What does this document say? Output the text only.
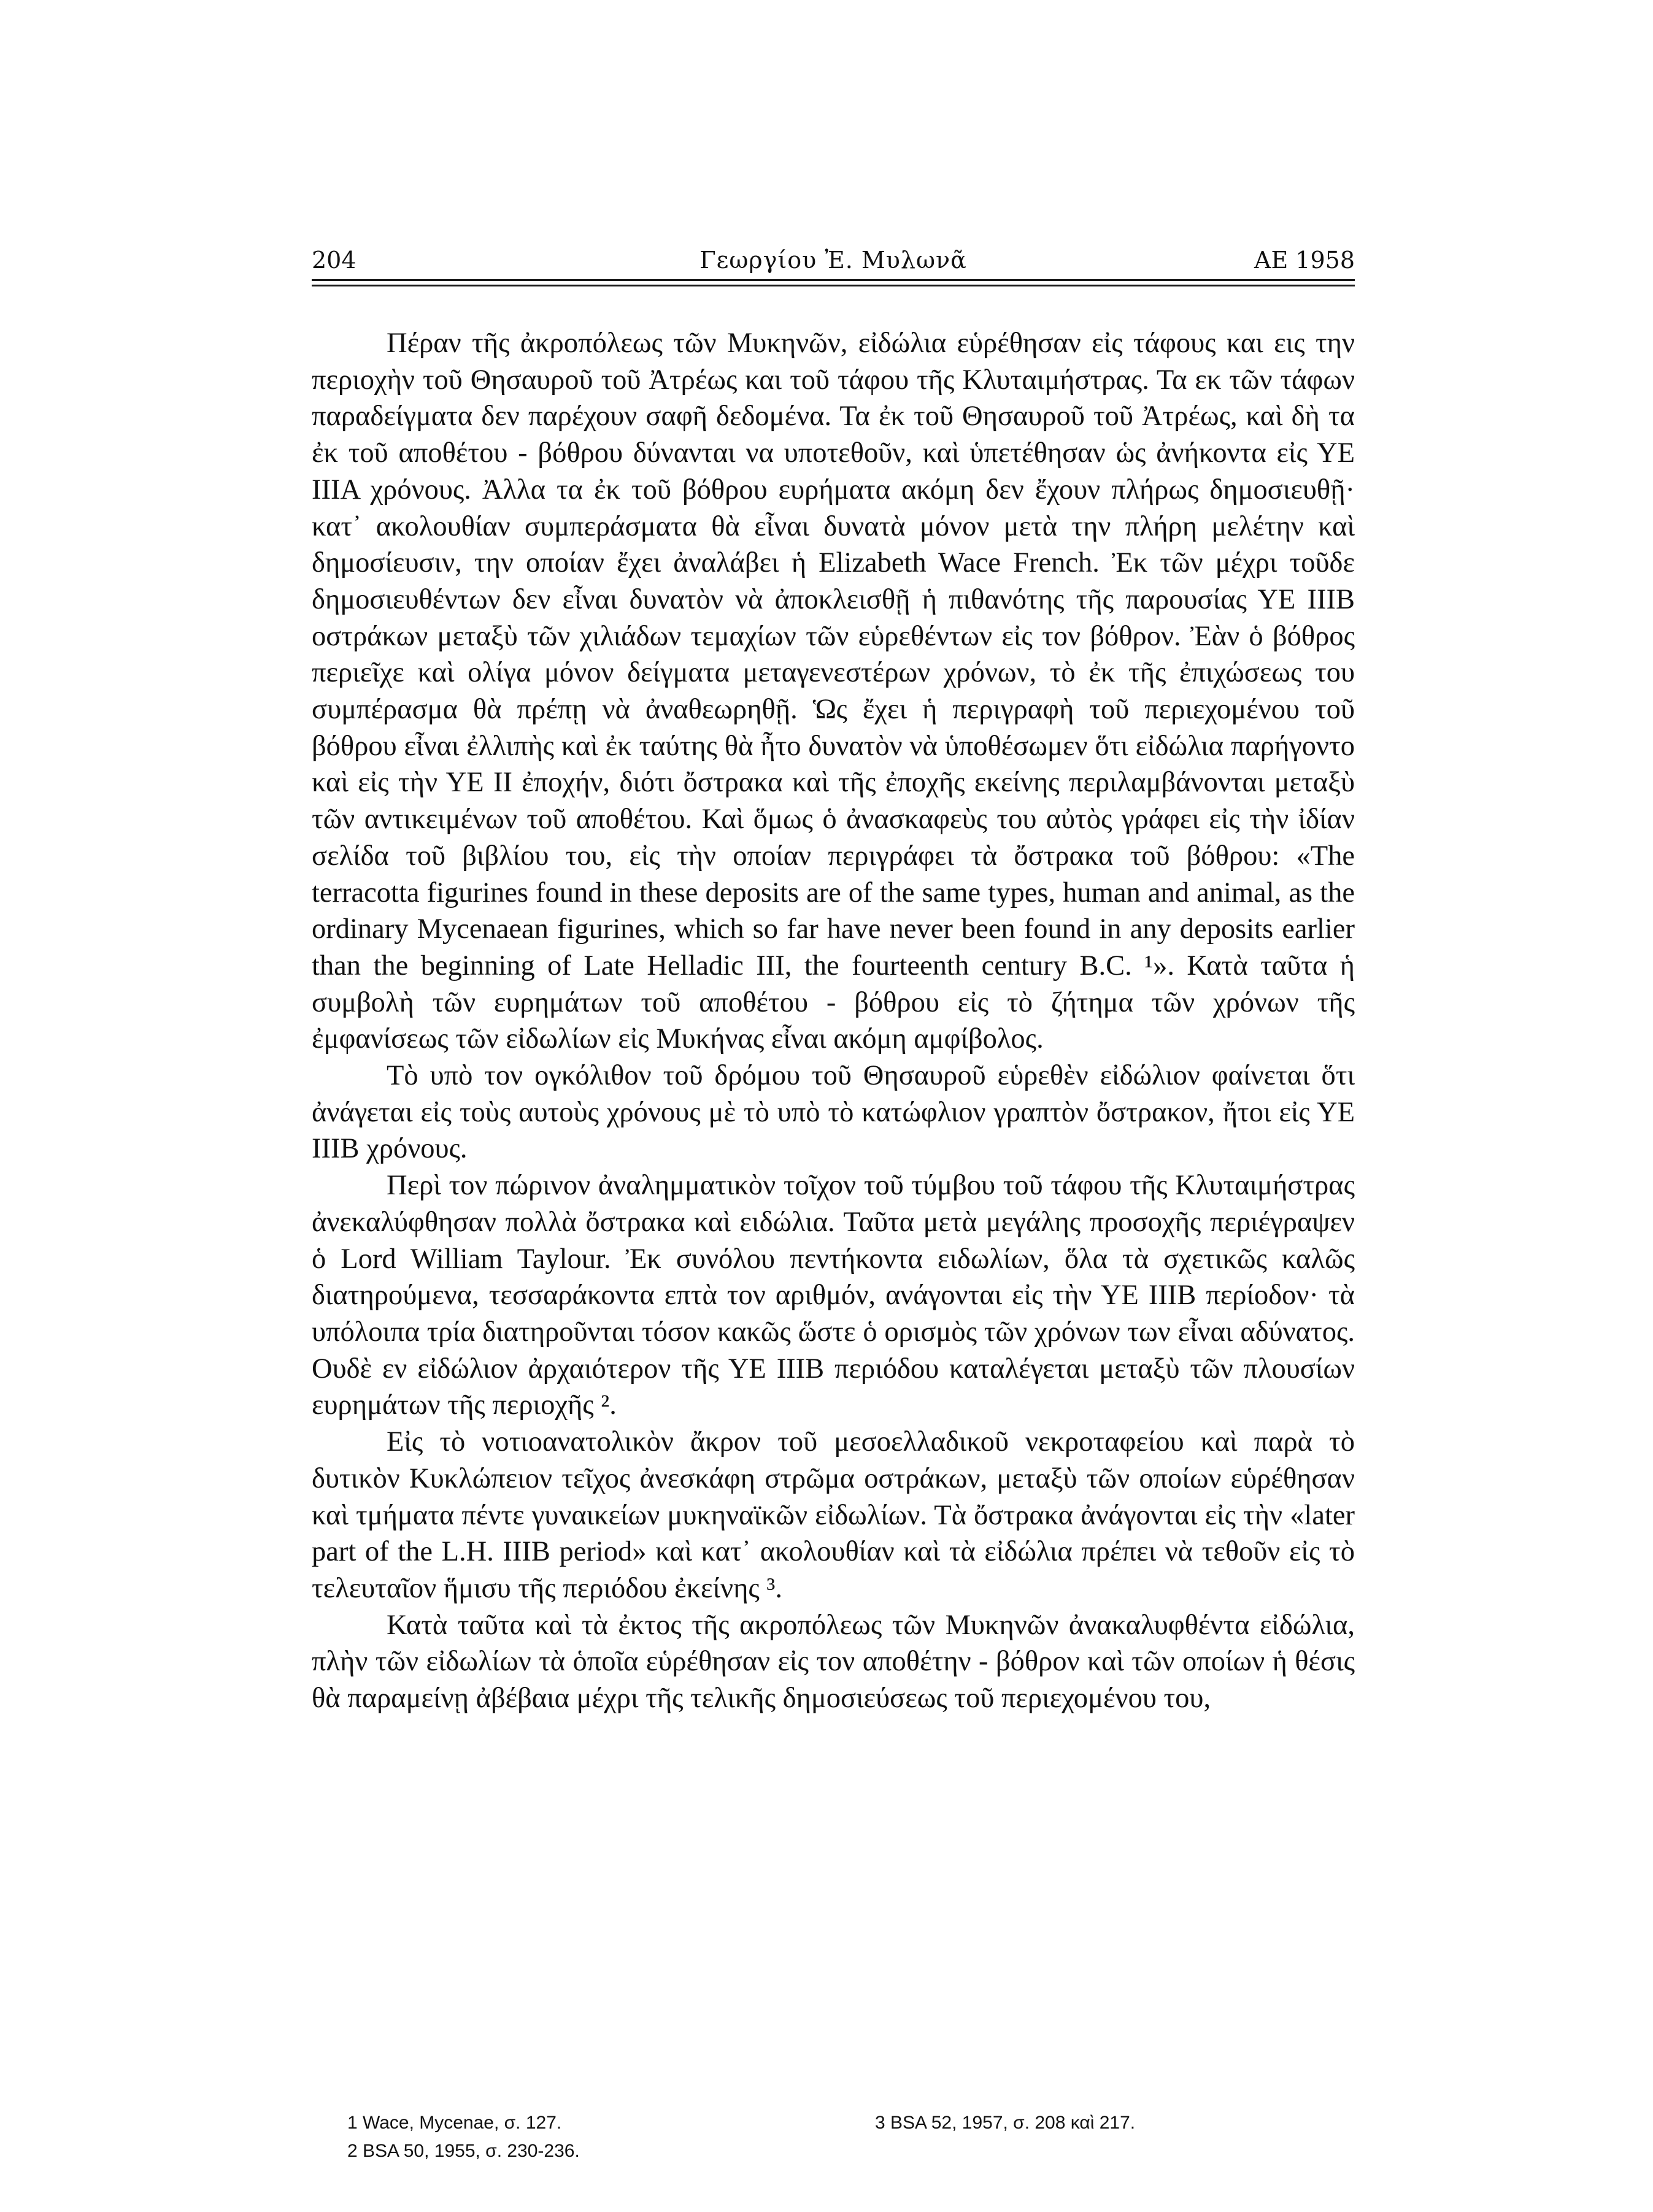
204	Γεωργίου Ἐ. Μυλωνᾶ	ΑΕ 1958

Πέραν τῆς ἀκροπόλεως τῶν Μυκηνῶν, εἰδώλια εὑρέθησαν εἰς τάφους και εις την περιοχὴν τοῦ Θησαυροῦ τοῦ Ἀτρέως και τοῦ τάφου τῆς Κλυταιμήστρας. Τα εκ τῶν τάφων παραδείγματα δεν παρέχουν σαφῆ δεδομένα. Τα ἐκ τοῦ Θησαυροῦ τοῦ Ἀτρέως, καὶ δὴ τα ἐκ τοῦ αποθέτου - βόθρου δύνανται να υποτεθοῦν, καὶ ὑπετέθησαν ὡς ἀνήκοντα εἰς ΥΕ ΙΙΙΑ χρόνους. Ἀλλα τα ἐκ τοῦ βόθρου ευρήματα ακόμη δεν ἔχουν πλήρως δημοσιευθῇ· κατ᾽ ακολουθίαν συμπεράσματα θὰ εἶναι δυνατὰ μόνον μετὰ την πλήρη μελέτην καὶ δημοσίευσιν, την οποίαν ἔχει ἀναλάβει ἡ Elizabeth Wace French. Ἐκ τῶν μέχρι τοῦδε δημοσιευθέντων δεν εἶναι δυνατὸν νὰ ἀποκλεισθῇ ἡ πιθανότης τῆς παρουσίας ΥΕ ΙΙΙΒ οστράκων μεταξὺ τῶν χιλιάδων τεμαχίων τῶν εὑρεθέντων εἰς τον βόθρον. Ἐὰν ὁ βόθρος περιεῖχε καὶ ολίγα μόνον δείγματα μεταγενεστέρων χρόνων, τὸ ἐκ τῆς ἐπιχώσεως του συμπέρασμα θὰ πρέπῃ νὰ ἀναθεωρηθῇ. Ὡς ἔχει ἡ περιγραφὴ τοῦ περιεχομένου τοῦ βόθρου εἶναι ἐλλιπὴς καὶ ἐκ ταύτης θὰ ἦτο δυνατὸν νὰ ὑποθέσωμεν ὅτι εἰδώλια παρήγοντο καὶ εἰς τὴν ΥΕ ΙΙ ἐποχήν, διότι ὄστρακα καὶ τῆς ἐποχῆς εκείνης περιλαμβάνονται μεταξὺ τῶν αντικειμένων τοῦ αποθέτου. Καὶ ὅμως ὁ ἀνασκαφεὺς του αὐτὸς γράφει εἰς τὴν ἰδίαν σελίδα τοῦ βιβλίου του, εἰς τὴν οποίαν περιγράφει τὰ ὄστρακα τοῦ βόθρου: «The terracotta figurines found in these deposits are of the same types, human and animal, as the ordinary Mycenaean figurines, which so far have never been found in any deposits earlier than the beginning of Late Helladic III, the fourteenth century B.C. ¹». Κατὰ ταῦτα ἡ συμβολὴ τῶν ευρημάτων τοῦ αποθέτου - βόθρου εἰς τὸ ζήτημα τῶν χρόνων τῆς ἐμφανίσεως τῶν εἰδωλίων εἰς Μυκήνας εἶναι ακόμη αμφίβολος.

Τὸ υπὸ τον ογκόλιθον τοῦ δρόμου τοῦ Θησαυροῦ εὑρεθὲν εἰδώλιον φαίνεται ὅτι ἀνάγεται εἰς τοὺς αυτοὺς χρόνους μὲ τὸ υπὸ τὸ κατώφλιον γραπτὸν ὄστρακον, ἤτοι εἰς ΥΕ ΙΙΙΒ χρόνους.

Περὶ τον πώρινον ἀναλημματικὸν τοῖχον τοῦ τύμβου τοῦ τάφου τῆς Κλυταιμήστρας ἀνεκαλύφθησαν πολλὰ ὄστρακα καὶ ειδώλια. Ταῦτα μετὰ μεγάλης προσοχῆς περιέγραψεν ὁ Lord William Taylour. Ἐκ συνόλου πεντήκοντα ειδωλίων, ὅλα τὰ σχετικῶς καλῶς διατηρούμενα, τεσσαράκοντα επτὰ τον αριθμόν, ανάγονται εἰς τὴν ΥΕ ΙΙΙΒ περίοδον· τὰ υπόλοιπα τρία διατηροῦνται τόσον κακῶς ὥστε ὁ ορισμὸς τῶν χρόνων των εἶναι αδύνατος. Ουδὲ εν εἰδώλιον ἀρχαιότερον τῆς ΥΕ ΙΙΙΒ περιόδου καταλέγεται μεταξὺ τῶν πλουσίων ευρημάτων τῆς περιοχῆς ².

Εἰς τὸ νοτιοανατολικὸν ἄκρον τοῦ μεσοελλαδικοῦ νεκροταφείου καὶ παρὰ τὸ δυτικὸν Κυκλώπειον τεῖχος ἀνεσκάφη στρῶμα οστράκων, μεταξὺ τῶν οποίων εὑρέθησαν καὶ τμήματα πέντε γυναικείων μυκηναϊκῶν εἰδωλίων. Τὰ ὄστρακα ἀνάγονται εἰς τὴν «later part of the L.H. IIIB period» καὶ κατ᾽ ακολουθίαν καὶ τὰ εἰδώλια πρέπει νὰ τεθοῦν εἰς τὸ τελευταῖον ἥμισυ τῆς περιόδου ἐκείνης ³.

Κατὰ ταῦτα καὶ τὰ ἐκτος τῆς ακροπόλεως τῶν Μυκηνῶν ἀνακαλυφθέντα εἰδώλια, πλὴν τῶν εἰδωλίων τὰ ὁποῖα εὑρέθησαν εἰς τον αποθέτην - βόθρον καὶ τῶν οποίων ἡ θέσις θὰ παραμείνῃ ἀβέβαια μέχρι τῆς τελικῆς δημοσιεύσεως τοῦ περιεχομένου του,

1 Wace, Mycenae, σ. 127.
2 BSA 50, 1955, σ. 230-236.
3 BSA 52, 1957, σ. 208 καὶ 217.
